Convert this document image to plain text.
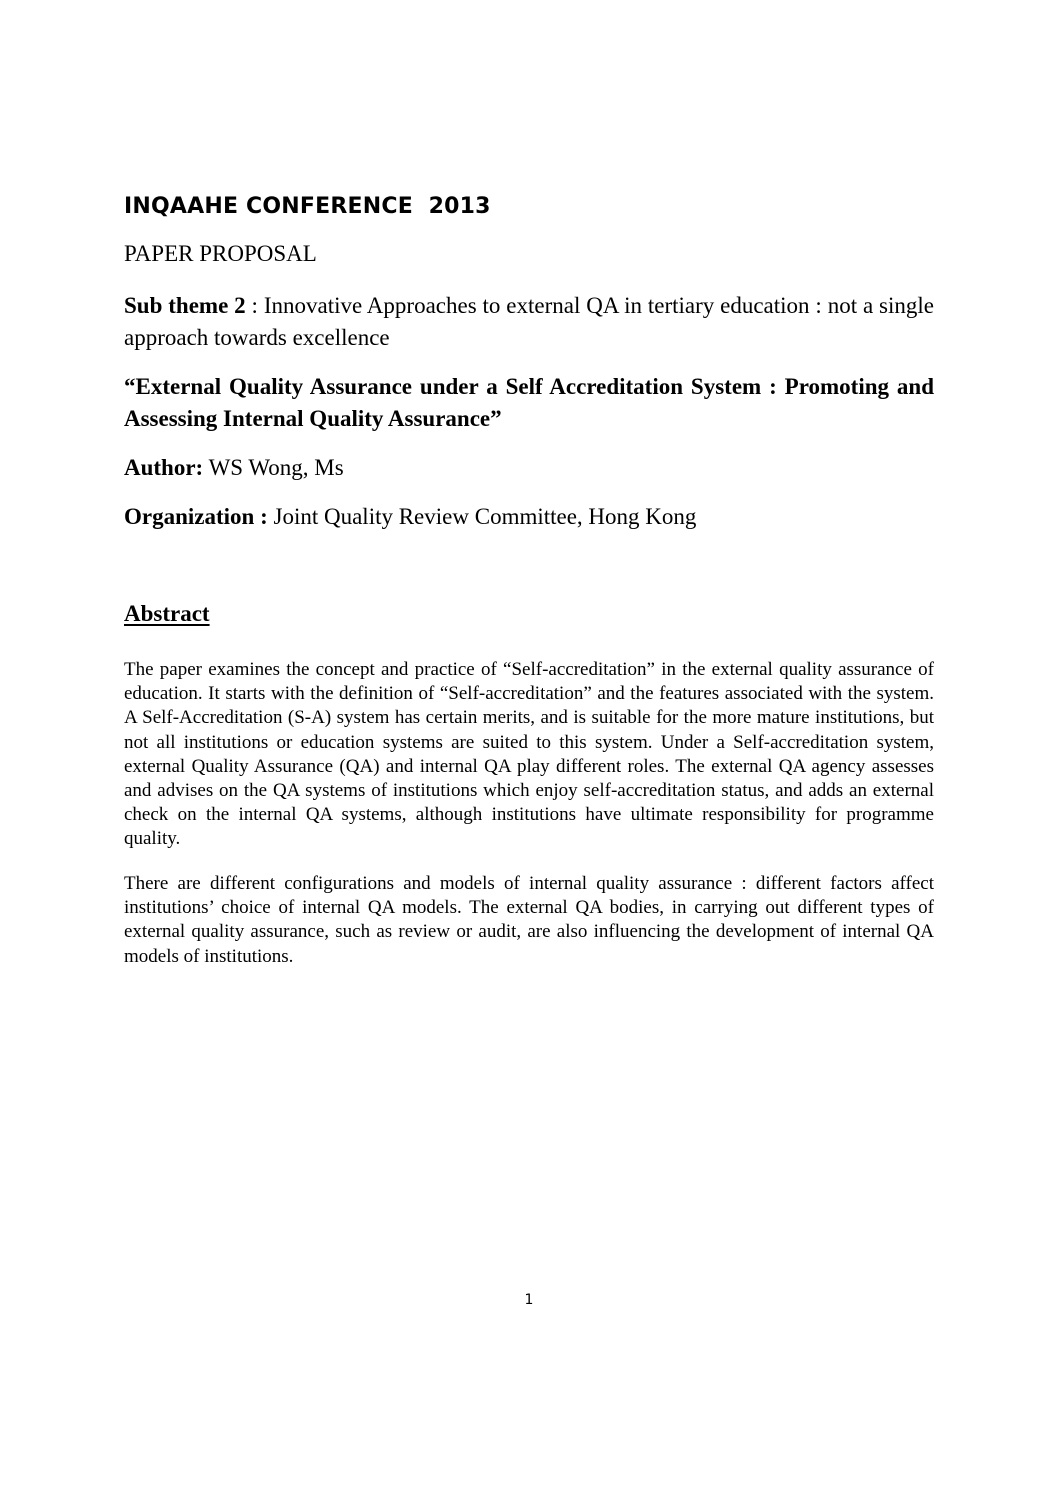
INQAAHE CONFERENCE  2013
PAPER PROPOSAL
Sub theme 2 : Innovative Approaches to external QA in tertiary education : not a single approach towards excellence
“External Quality Assurance under a Self Accreditation System : Promoting and Assessing Internal Quality Assurance”
Author: WS Wong, Ms
Organization : Joint Quality Review Committee, Hong Kong
Abstract
The paper examines the concept and practice of “Self-accreditation” in the external quality assurance of education. It starts with the definition of “Self-accreditation” and the features associated with the system. A Self-Accreditation (S-A) system has certain merits, and is suitable for the more mature institutions, but not all institutions or education systems are suited to this system. Under a Self-accreditation system, external Quality Assurance (QA) and internal QA play different roles. The external QA agency assesses and advises on the QA systems of institutions which enjoy self-accreditation status, and adds an external check on the internal QA systems, although institutions have ultimate responsibility for programme quality.
There are different configurations and models of internal quality assurance : different factors affect institutions’ choice of internal QA models. The external QA bodies, in carrying out different types of external quality assurance, such as review or audit, are also influencing the development of internal QA models of institutions.
1
